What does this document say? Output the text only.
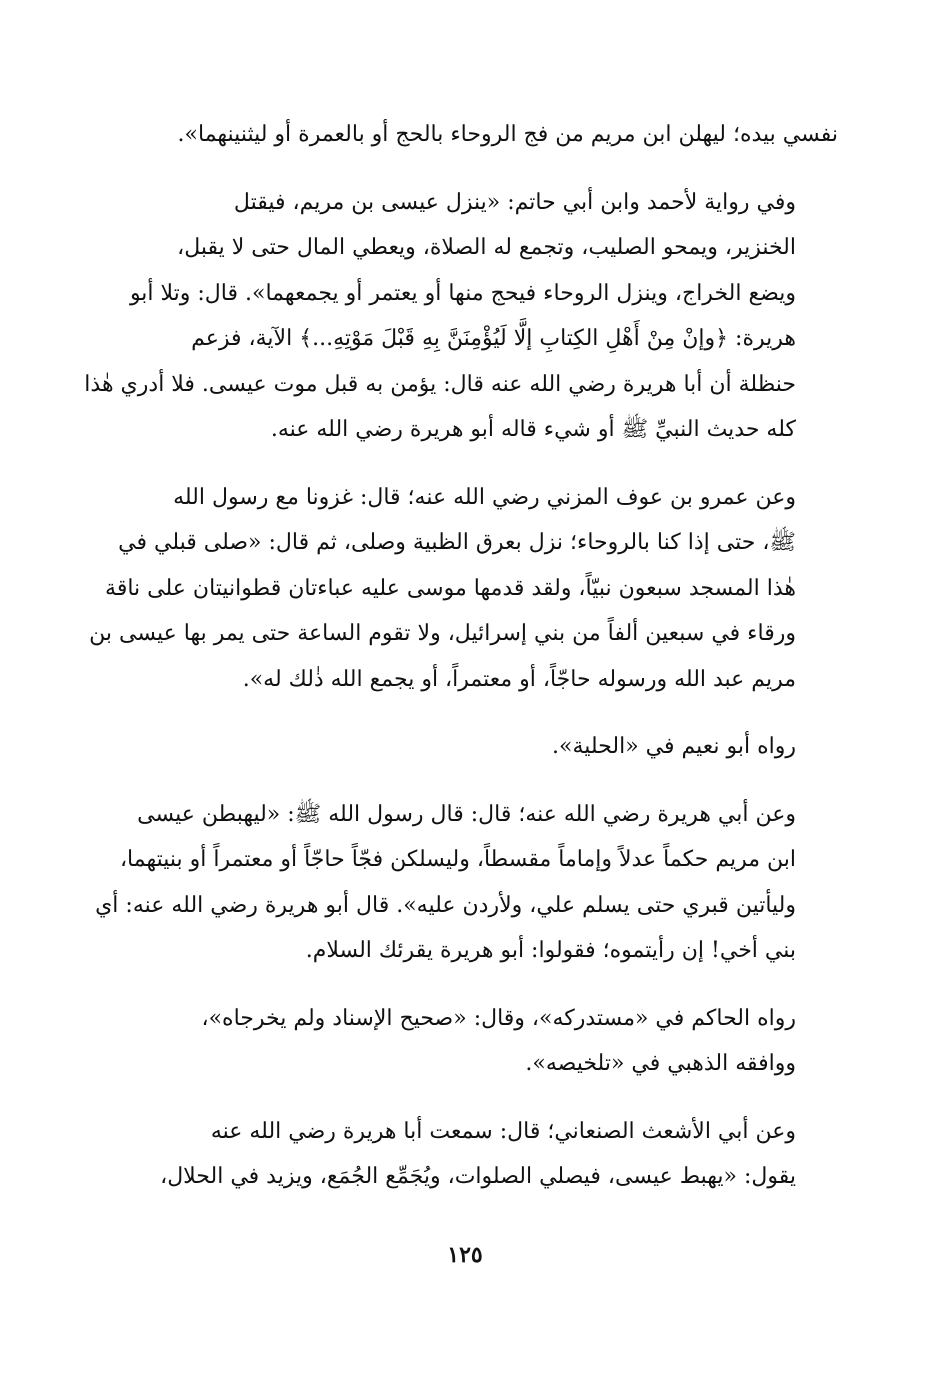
نفسي بيده؛ ليهلن ابن مريم من فج الروحاء بالحج أو بالعمرة أو ليثنينهما».

وفي رواية لأحمد وابن أبي حاتم: «ينزل عيسى بن مريم، فيقتل
الخنزير، ويمحو الصليب، وتجمع له الصلاة، ويعطي المال حتى لا يقبل،
ويضع الخراج، وينزل الروحاء فيحج منها أو يعتمر أو يجمعهما». قال: وتلا أبو
هريرة: ﴿وإنْ مِنْ أَهْلِ الكِتابِ إلَّا لَيُؤْمِنَنَّ بِهِ قَبْلَ مَوْتِهِ...﴾ الآية، فزعم
حنظلة أن أبا هريرة رضي الله عنه قال: يؤمن به قبل موت عيسى. فلا أدري هٰذا
كله حديث النبيِّ ﷺ أو شيء قاله أبو هريرة رضي الله عنه.

وعن عمرو بن عوف المزني رضي الله عنه؛ قال: غزونا مع رسول الله
ﷺ، حتى إذا كنا بالروحاء؛ نزل بعرق الظبية وصلى، ثم قال: «صلى قبلي في
هٰذا المسجد سبعون نبيّاً، ولقد قدمها موسى عليه عباءتان قطوانيتان على ناقة
ورقاء في سبعين ألفاً من بني إسرائيل، ولا تقوم الساعة حتى يمر بها عيسى بن
مريم عبد الله ورسوله حاجّاً، أو معتمراً، أو يجمع الله ذٰلك له».

رواه أبو نعيم في «الحلية».

وعن أبي هريرة رضي الله عنه؛ قال: قال رسول الله ﷺ: «ليهبطن عيسى
ابن مريم حكماً عدلاً وإماماً مقسطاً، وليسلكن فجّاً حاجّاً أو معتمراً أو بنيتهما،
وليأتين قبري حتى يسلم علي، ولأردن عليه». قال أبو هريرة رضي الله عنه: أي
بني أخي! إن رأيتموه؛ فقولوا: أبو هريرة يقرئك السلام.

رواه الحاكم في «مستدركه»، وقال: «صحيح الإسناد ولم يخرجاه»،
ووافقه الذهبي في «تلخيصه».

وعن أبي الأشعث الصنعاني؛ قال: سمعت أبا هريرة رضي الله عنه
يقول: «يهبط عيسى، فيصلي الصلوات، ويُجَمِّع الجُمَع، ويزيد في الحلال،

١٢٥
